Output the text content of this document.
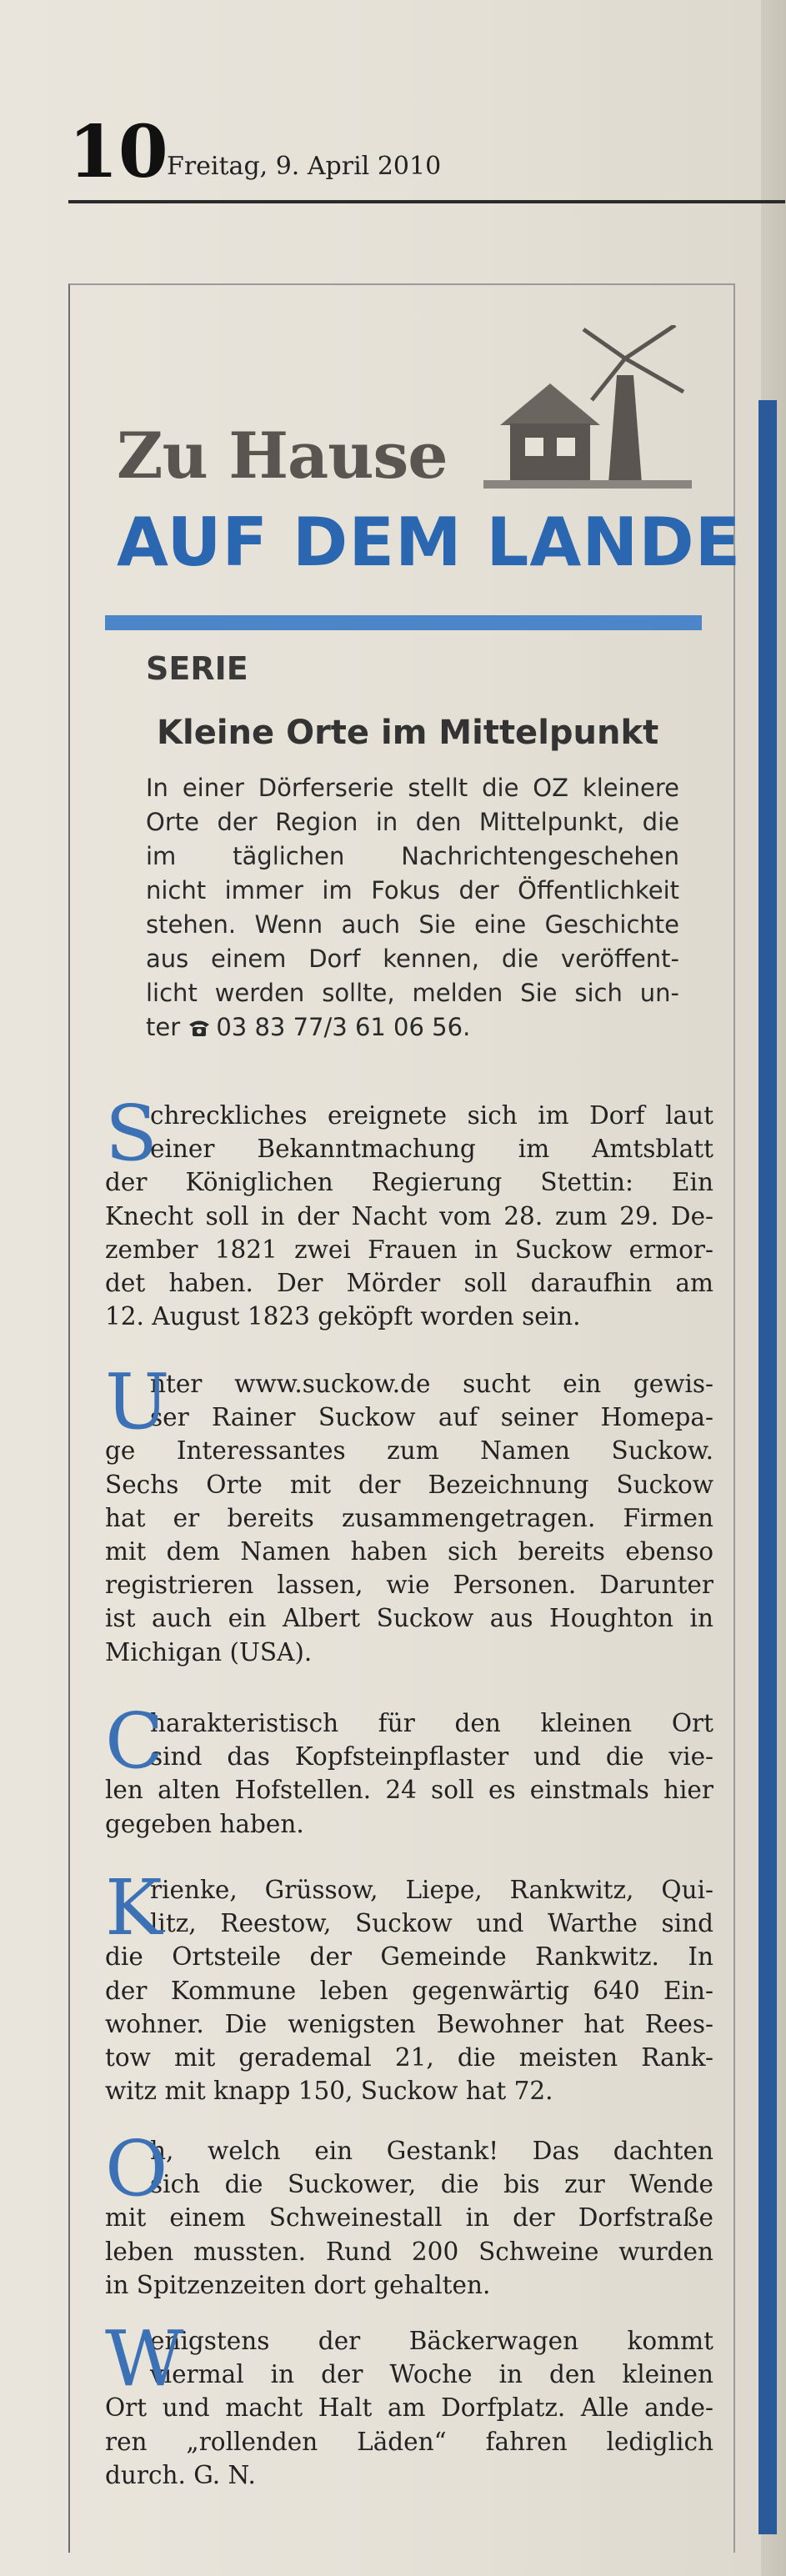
10
Freitag, 9. April 2010
Zu Hause
AUF DEM LANDE
SERIE
Kleine Orte im Mittelpunkt
In einer Dörferserie stellt die OZ kleinere
Orte der Region in den Mittelpunkt, die
im täglichen Nachrichtengeschehen
nicht immer im Fokus der Öffentlichkeit
stehen. Wenn auch Sie eine Geschichte
aus einem Dorf kennen, die veröffent-
licht werden sollte, melden Sie sich un-
ter 03 83 77/3 61 06 56.
S
chreckliches ereignete sich im Dorf laut
einer Bekanntmachung im Amtsblatt
der Königlichen Regierung Stettin: Ein
Knecht soll in der Nacht vom 28. zum 29. De-
zember 1821 zwei Frauen in Suckow ermor-
det haben. Der Mörder soll daraufhin am
12. August 1823 geköpft worden sein.
U
nter www.suckow.de sucht ein gewis-
ser Rainer Suckow auf seiner Homepa-
ge Interessantes zum Namen Suckow.
Sechs Orte mit der Bezeichnung Suckow
hat er bereits zusammengetragen. Firmen
mit dem Namen haben sich bereits ebenso
registrieren lassen, wie Personen. Darunter
ist auch ein Albert Suckow aus Houghton in
Michigan (USA).
C
harakteristisch für den kleinen Ort
sind das Kopfsteinpflaster und die vie-
len alten Hofstellen. 24 soll es einstmals hier
gegeben haben.
K
rienke, Grüssow, Liepe, Rankwitz, Qui-
litz, Reestow, Suckow und Warthe sind
die Ortsteile der Gemeinde Rankwitz. In
der Kommune leben gegenwärtig 640 Ein-
wohner. Die wenigsten Bewohner hat Rees-
tow mit gerademal 21, die meisten Rank-
witz mit knapp 150, Suckow hat 72.
O
h, welch ein Gestank! Das dachten
sich die Suckower, die bis zur Wende
mit einem Schweinestall in der Dorfstraße
leben mussten. Rund 200 Schweine wurden
in Spitzenzeiten dort gehalten.
W
enigstens der Bäckerwagen kommt
viermal in der Woche in den kleinen
Ort und macht Halt am Dorfplatz. Alle ande-
ren „rollenden Läden“ fahren lediglich
durch. G. N.
